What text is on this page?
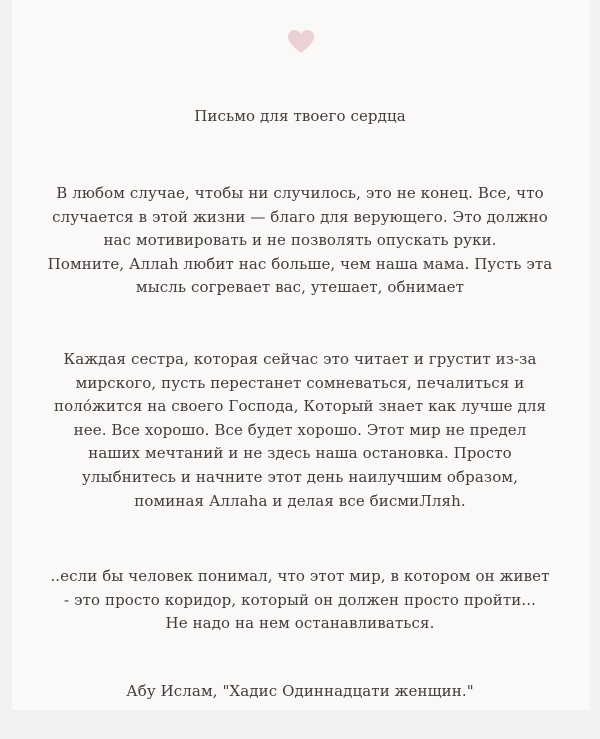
Письмо для твоего сердца
В любом случае, чтобы ни случилось, это не конец. Все, что
случается в этой жизни — благо для верующего. Это должно
нас мотивировать и не позволять опускать руки.
Помните, Аллаh любит нас больше, чем наша мама. Пусть эта
мысль согревает вас, утешает, обнимает
Каждая сестра, которая сейчас это читает и грустит из-за
мирского, пусть перестанет сомневаться, печалиться и
поло́жится на своего Господа, Который знает как лучше для
нее. Все хорошо. Все будет хорошо. Этот мир не предел
наших мечтаний и не здесь наша остановка. Просто
улыбнитесь и начните этот день наилучшим образом,
поминая Аллаhа и делая все бисмиЛляh.
..если бы человек понимал, что этот мир, в котором он живет
- это просто коридор, который он должен просто пройти...
Не надо на нем останавливаться.
Абу Ислам, "Хадис Одиннадцати женщин."
